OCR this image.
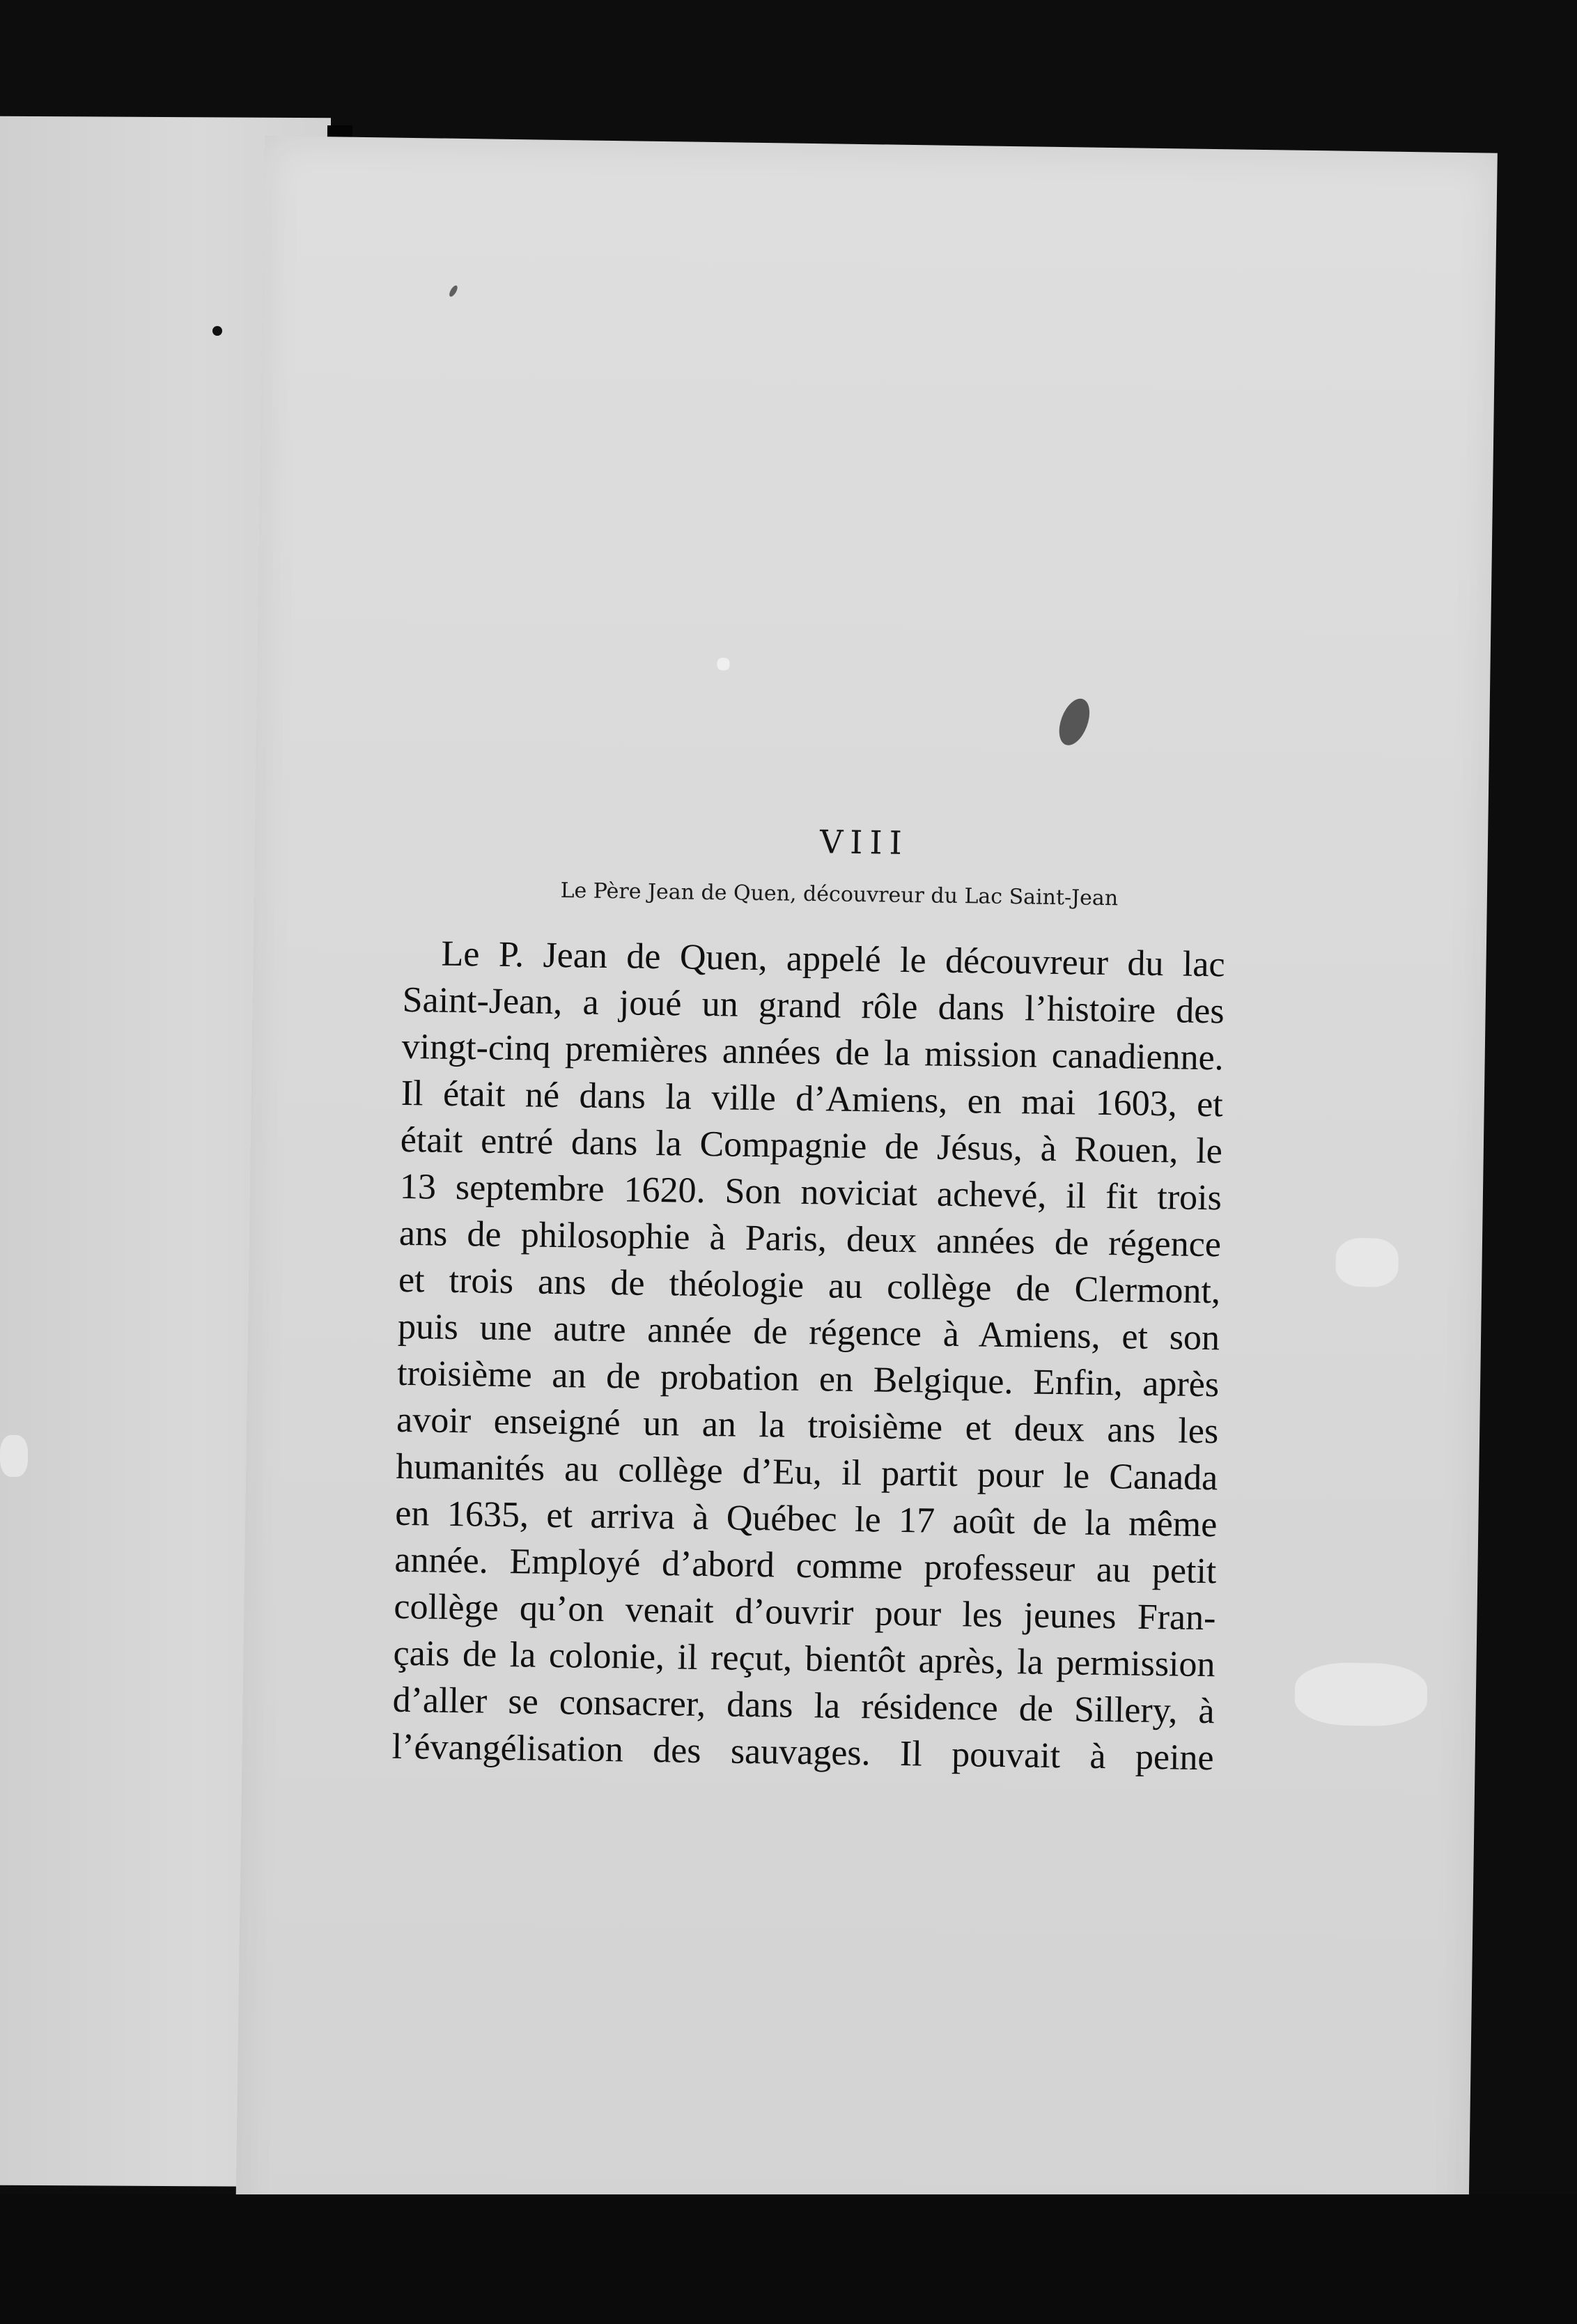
VIII
Le Père Jean de Quen, découvreur du Lac Saint-Jean
Le P. Jean de Quen, appelé le découvreur du lac
Saint-Jean, a joué un grand rôle dans l’histoire des
vingt-cinq premières années de la mission canadienne.
Il était né dans la ville d’Amiens, en mai 1603, et
était entré dans la Compagnie de Jésus, à Rouen, le
13 septembre 1620. Son noviciat achevé, il fit trois
ans de philosophie à Paris, deux années de régence
et trois ans de théologie au collège de Clermont,
puis une autre année de régence à Amiens, et son
troisième an de probation en Belgique. Enfin, après
avoir enseigné un an la troisième et deux ans les
humanités au collège d’Eu, il partit pour le Canada
en 1635, et arriva à Québec le 17 août de la même
année. Employé d’abord comme professeur au petit
collège qu’on venait d’ouvrir pour les jeunes Fran-
çais de la colonie, il reçut, bientôt après, la permission
d’aller se consacrer, dans la résidence de Sillery, à
l’évangélisation des sauvages. Il pouvait à peine
